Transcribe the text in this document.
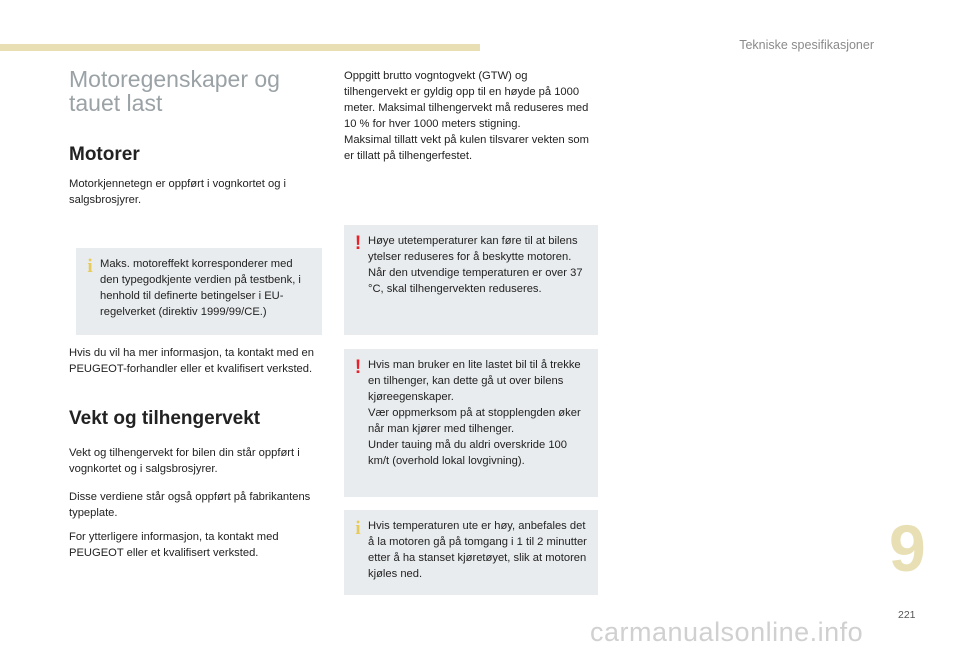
Tekniske spesifikasjoner
Motoregenskaper og tauet last
Motorer

Motorkjennetegn er oppført i vognkortet og i salgsbrosjyrer.

i Maks. motoreffekt korresponderer med den typegodkjente verdien på testbenk, i henhold til definerte betingelser i EU-regelverket (direktiv 1999/99/CE.)

Hvis du vil ha mer informasjon, ta kontakt med en PEUGEOT-forhandler eller et kvalifisert verksted.

Vekt og tilhengervekt

Vekt og tilhengervekt for bilen din står oppført i vognkortet og i salgsbrosjyrer.

Disse verdiene står også oppført på fabrikantens typeplate.

For ytterligere informasjon, ta kontakt med PEUGEOT eller et kvalifisert verksted.

Oppgitt brutto vogntogvekt (GTW) og tilhengervekt er gyldig opp til en høyde på 1000 meter. Maksimal tilhengervekt må reduseres med 10 % for hver 1000 meters stigning.
Maksimal tillatt vekt på kulen tilsvarer vekten som er tillatt på tilhengerfestet.

! Høye utetemperaturer kan føre til at bilens ytelser reduseres for å beskytte motoren. Når den utvendige temperaturen er over 37 °C, skal tilhengervekten reduseres.
! Hvis man bruker en lite lastet bil til å trekke en tilhenger, kan dette gå ut over bilens kjøreegenskaper.
Vær oppmerksom på at stopplengden øker når man kjører med tilhenger.
Under tauing må du aldri overskride 100 km/t (overhold lokal lovgivning).
i Hvis temperaturen ute er høy, anbefales det å la motoren gå på tomgang i 1 til 2 minutter etter å ha stanset kjøretøyet, slik at motoren kjøles ned.	9
221
carmanualsonline.info
